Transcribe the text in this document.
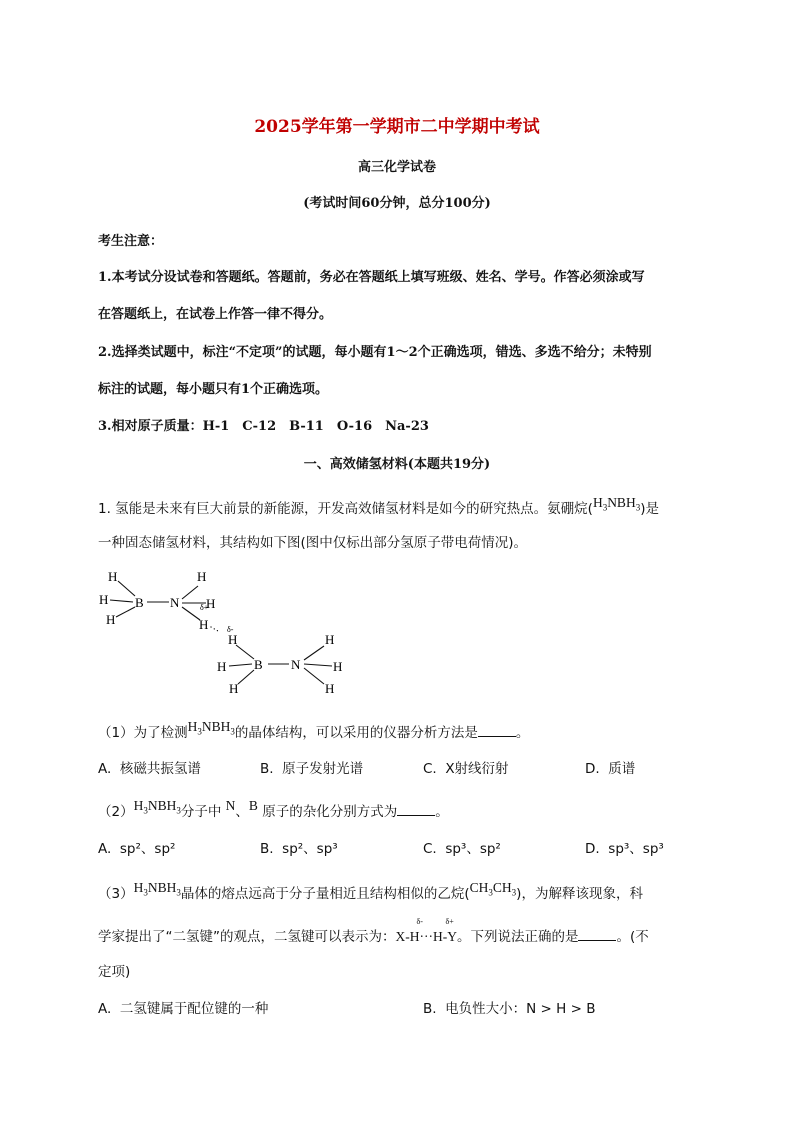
2025学年第一学期市二中学期中考试
高三化学试卷
(考试时间60分钟，总分100分)
考生注意：
1.本考试分设试卷和答题纸。答题前，务必在答题纸上填写班级、姓名、学号。作答必须涂或写
在答题纸上，在试卷上作答一律不得分。
2.选择类试题中，标注“不定项”的试题，每小题有1～2个正确选项，错选、多选不给分；未特别
标注的试题，每小题只有1个正确选项。
3.相对原子质量：H-1　C-12　B-11　O-16　Na-23
一、高效储氢材料(本题共19分)
1. 氢能是未来有巨大前景的新能源，开发高效储氢材料是如今的研究热点。氨硼烷$(H_3NBH_3)$是
一种固态储氢材料，其结构如下图(图中仅标出部分氢原子带电荷情况)。
H
H
H
B N
H
H
H
δ+
··· δ-
H
H
H
B N
H
H
H
（1）为了检测$H_3NBH_3$的晶体结构，可以采用的仪器分析方法是	。
A. 核磁共振氢谱	B. 原子发射光谱	C. X射线衍射	D. 质谱
$(2)H_3NBH_3$分子中 N、B 原子的杂化分别方式为	。
A. sp²、sp²	B. sp²、sp³	C. sp³、sp²	D. sp³、sp³
$(3)H_3NBH_3$晶体的熔点远高于分子量相近且结构相似的乙烷$(CH_3CH_3)$，为解释该现象，科
学家提出了“二氢键”的观点，二氢键可以表示为：
δ-	δ+
X-H···H-Y。下列说法正确的是	。(不
定项)
A. 二氢键属于配位键的一种	B. 电负性大小：N > H > B
